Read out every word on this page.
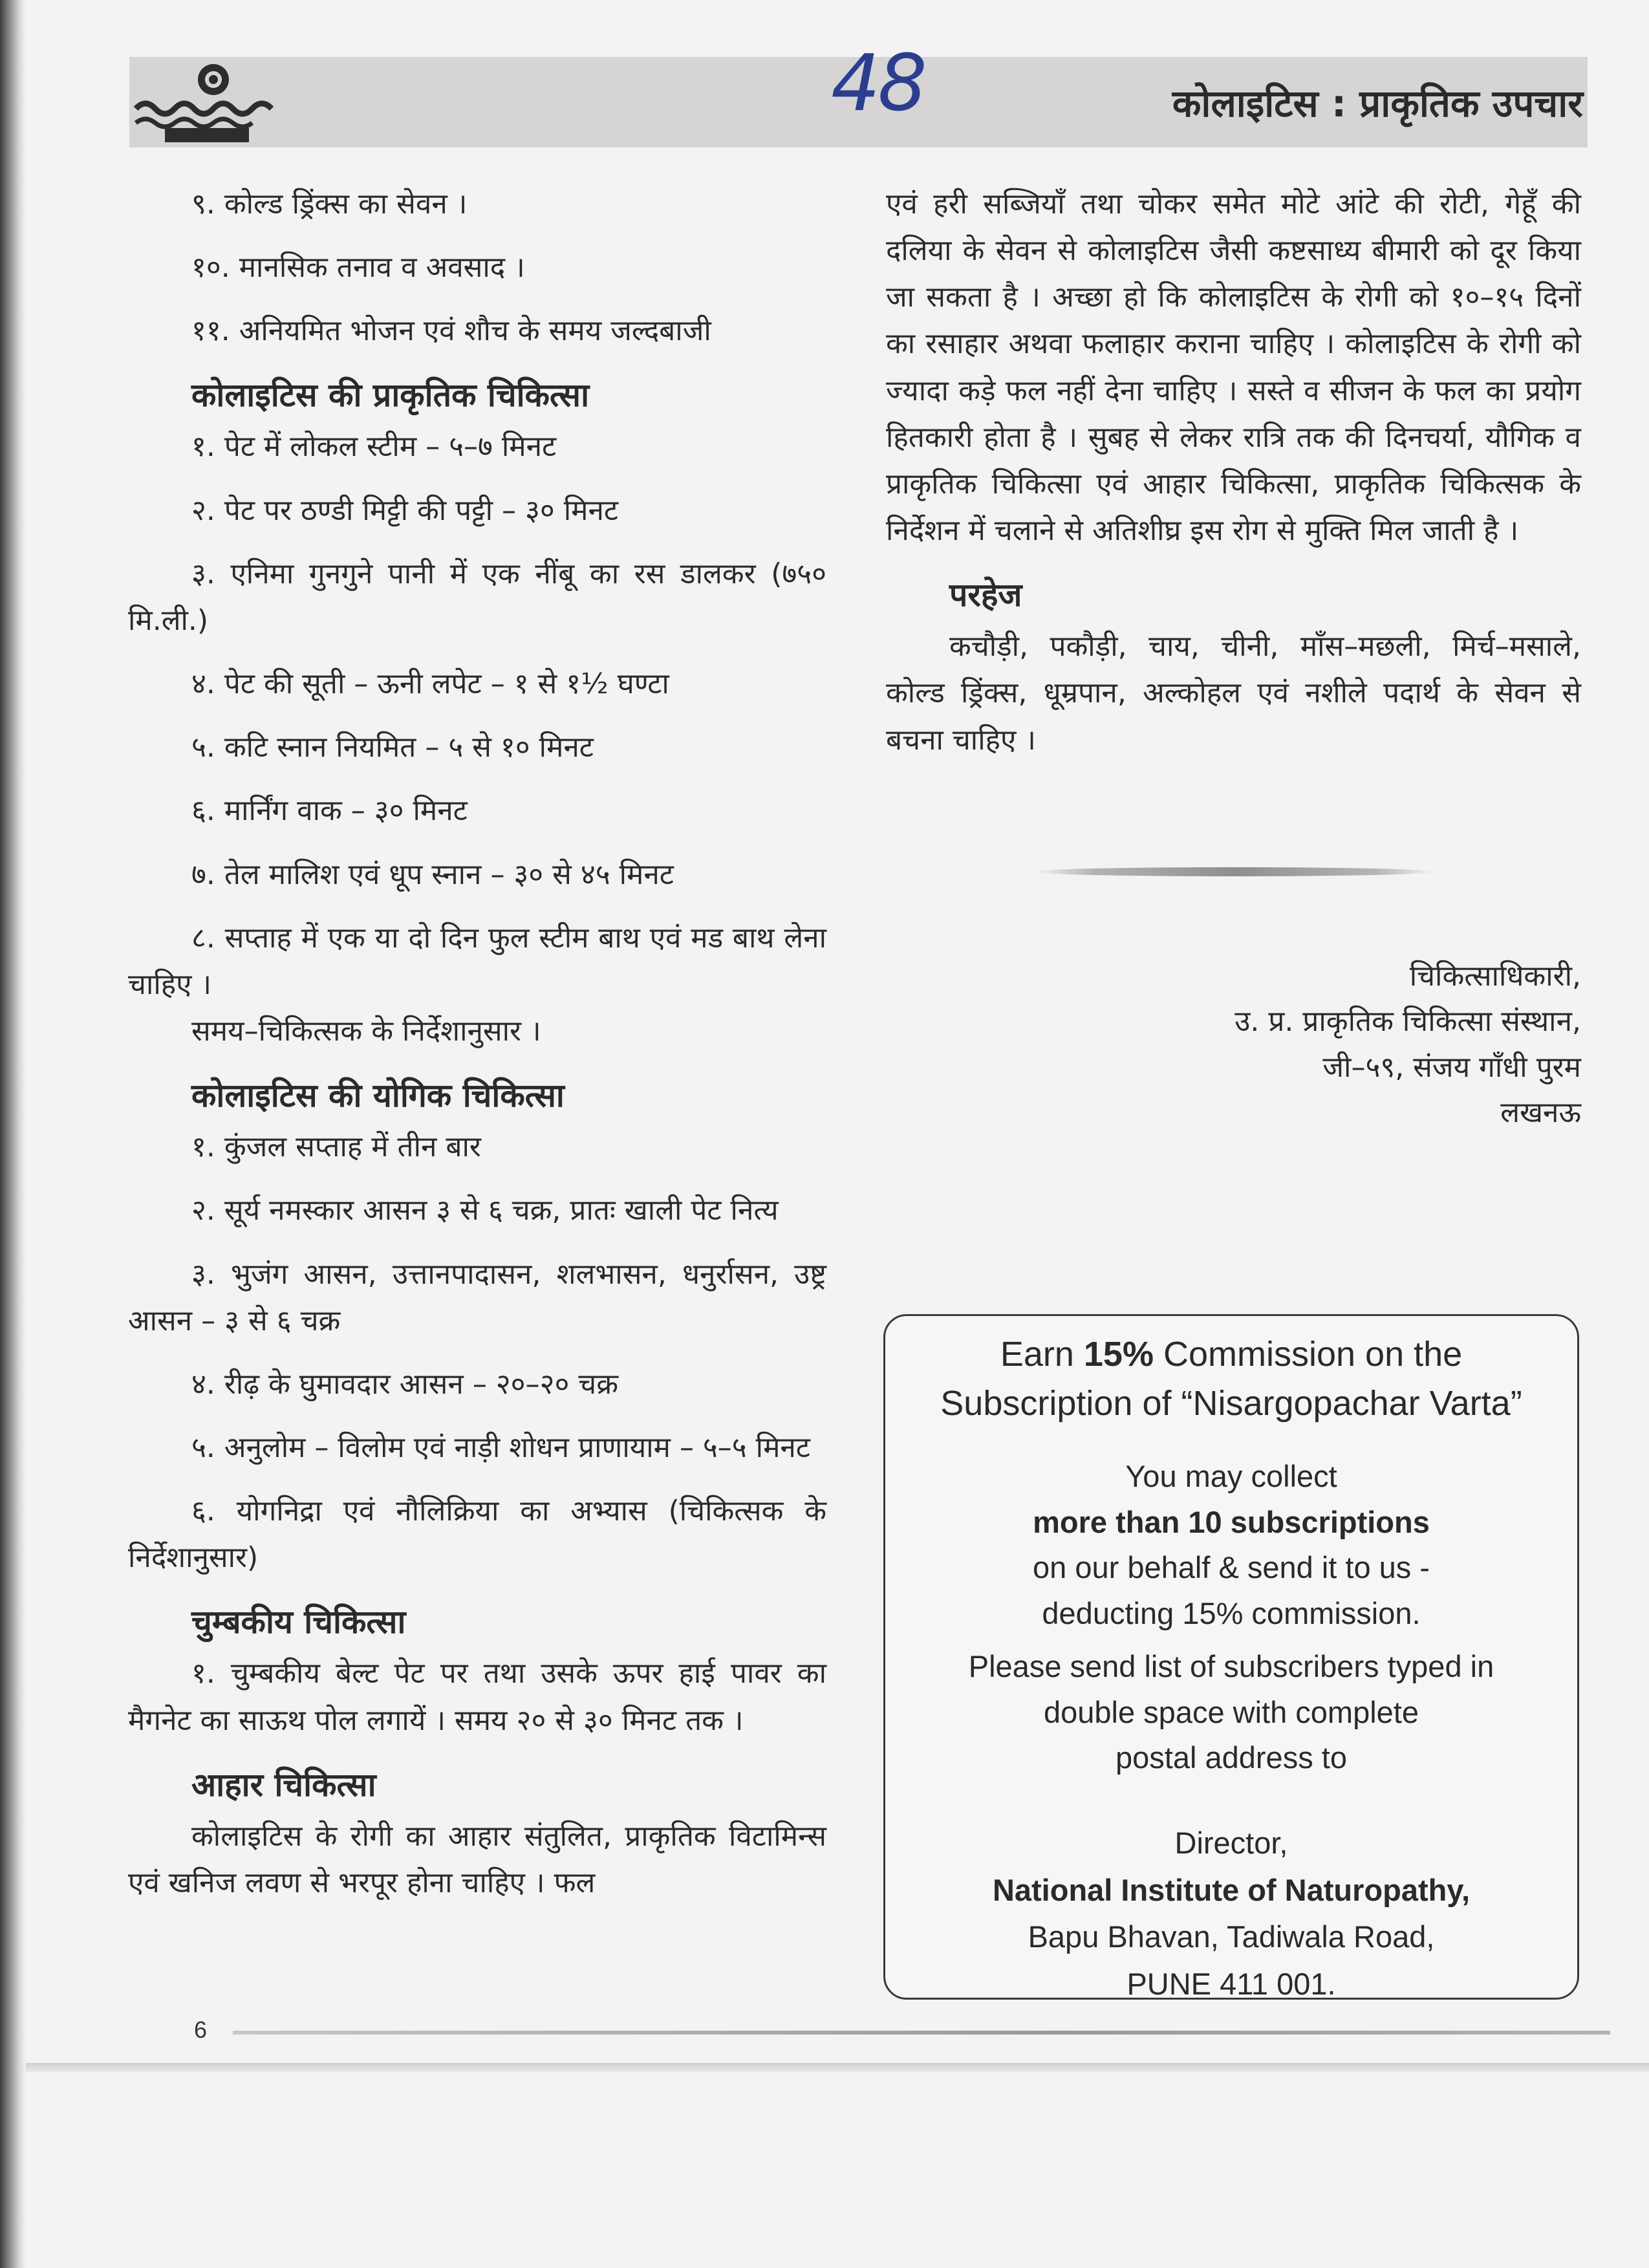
48	कोलाइटिस : प्राकृतिक उपचार
९. कोल्ड ड्रिंक्स का सेवन ।
१०. मानसिक तनाव व अवसाद ।
११. अनियमित भोजन एवं शौच के समय जल्दबाजी
कोलाइटिस की प्राकृतिक चिकित्सा
१. पेट में लोकल स्टीम – ५–७ मिनट
२. पेट पर ठण्डी मिट्टी की पट्टी – ३० मिनट
३. एनिमा गुनगुने पानी में एक नींबू का रस डालकर (७५० मि.ली.)
४. पेट की सूती – ऊनी लपेट – १ से १½ घण्टा
५. कटि स्नान नियमित – ५ से १० मिनट
६. मार्निंग वाक – ३० मिनट
७. तेल मालिश एवं धूप स्नान – ३० से ४५ मिनट
८. सप्ताह में एक या दो दिन फुल स्टीम बाथ एवं मड बाथ लेना चाहिए ।
समय–चिकित्सक के निर्देशानुसार ।
कोलाइटिस की योगिक चिकित्सा
१. कुंजल सप्ताह में तीन बार
२. सूर्य नमस्कार आसन ३ से ६ चक्र, प्रातः खाली पेट नित्य
३. भुजंग आसन, उत्तानपादासन, शलभासन, धनुर्रासन, उष्ट्र आसन – ३ से ६ चक्र
४. रीढ़ के घुमावदार आसन – २०–२० चक्र
५. अनुलोम – विलोम एवं नाड़ी शोधन प्राणायाम – ५–५ मिनट
६. योगनिद्रा एवं नौलिक्रिया का अभ्यास (चिकित्सक के निर्देशानुसार)
चुम्बकीय चिकित्सा
१. चुम्बकीय बेल्ट पेट पर तथा उसके ऊपर हाई पावर का मैगनेट का साऊथ पोल लगायें । समय २० से ३० मिनट तक ।
आहार चिकित्सा

कोलाइटिस के रोगी का आहार संतुलित, प्राकृतिक विटामिन्स एवं खनिज लवण से भरपूर होना चाहिए । फल

एवं हरी सब्जियाँ तथा चोकर समेत मोटे आंटे की रोटी, गेहूँ की दलिया के सेवन से कोलाइटिस जैसी कष्टसाध्य बीमारी को दूर किया जा सकता है । अच्छा हो कि कोलाइटिस के रोगी को १०–१५ दिनों का रसाहार अथवा फलाहार कराना चाहिए । कोलाइटिस के रोगी को ज्यादा कड़े फल नहीं देना चाहिए । सस्ते व सीजन के फल का प्रयोग हितकारी होता है । सुबह से लेकर रात्रि तक की दिनचर्या, यौगिक व प्राकृतिक चिकित्सा एवं आहार चिकित्सा, प्राकृतिक चिकित्सक के निर्देशन में चलाने से अतिशीघ्र इस रोग से मुक्ति मिल जाती है ।

परहेज

कचौड़ी, पकौड़ी, चाय, चीनी, माँस–मछली, मिर्च–मसाले, कोल्ड ड्रिंक्स, धूम्रपान, अल्कोहल एवं नशीले पदार्थ के सेवन से बचना चाहिए ।

चिकित्साधिकारी,
उ. प्र. प्राकृतिक चिकित्सा संस्थान,
जी–५९, संजय गाँधी पुरम
लखनऊ
Earn 15% Commission on the
Subscription of “Nisargopachar Varta”
You may collect
more than 10 subscriptions
on our behalf & send it to us -
deducting 15% commission.
Please send list of subscribers typed in
double space with complete
postal address to
Director,
National Institute of Naturopathy,
Bapu Bhavan, Tadiwala Road,
PUNE 411 001.
6
